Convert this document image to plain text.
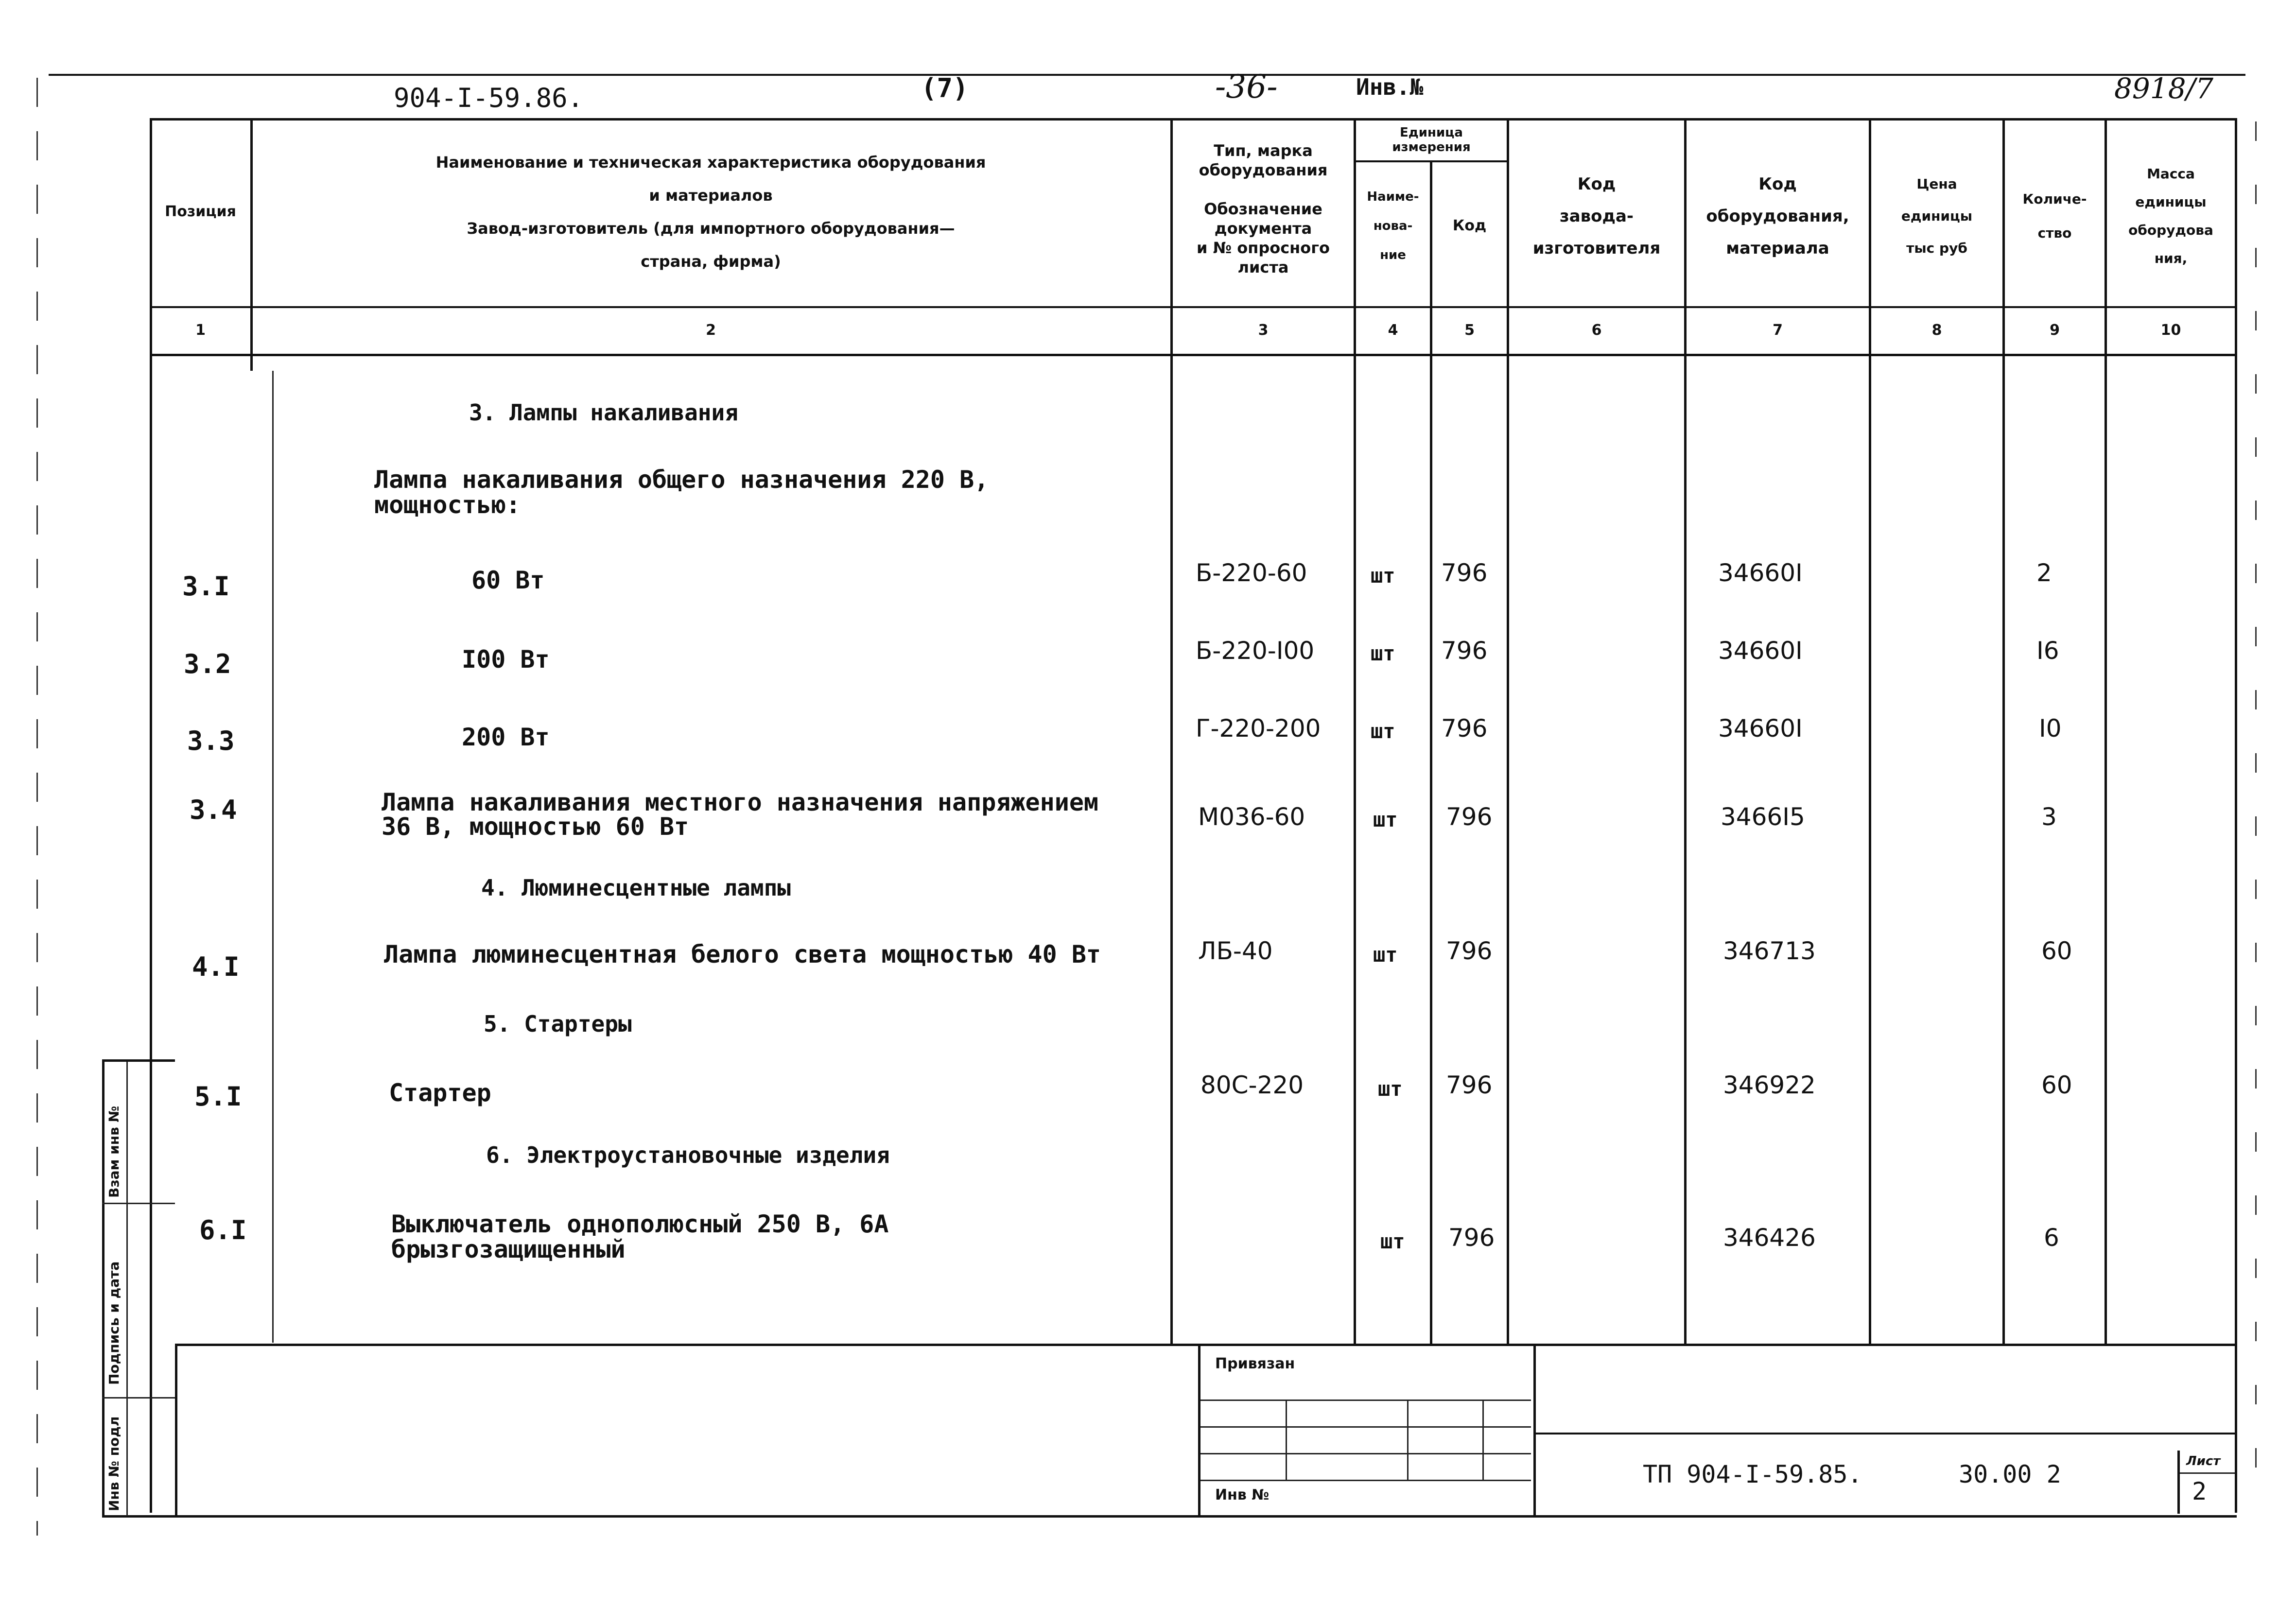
904-I-59.86.	(7)	-36-	Инв.№	8918/7
Позиция
Наименование и техническая характеристика оборудования
и материалов
Завод-изготовитель (для импортного оборудования—
страна, фирма)
Тип, марка
оборудования
Обозначение
документа
и № опросного
листа
Единица
измерения
Наиме-
нова-
ние
Код
Код
завода-
изготовителя
Код
оборудования,
материала
Цена
единицы
тыс руб
Количе-
ство
Масса
единицы
оборудова
ния,
1	2	3	4	5	6	7	8	9	10
3. Лампы накаливания
Лампа накаливания общего назначения 220 В,
мощностью:
4. Люминесцентные лампы
5. Стартеры
6. Электроустановочные изделия
3.I	60 Вт	Б-220-60	шт 796	34660I	2
3.2	I00 Вт	Б-220-I00	шт 796	34660I	I6
3.3	200 Вт	Г-220-200 шт 796	34660I	I0
3.4	Лампа накаливания местного назначения напряжением
36 В, мощностью 60 Вт	М036-60	шт 796	3466I5	3
4.I	Лампа люминесцентная белого света мощностью 40 Вт	ЛБ-40	шт 796	346713	60
5.I	Стартер	80С-220	шт 796	346922	60
6.I	Выключатель однополюсный 250 В, 6А
брызгозащищенный	шт 796	346426	6
Привязан
Инв №
ТП 904-I-59.85.	30.00 2	Лист
2
Взам инв №
Подпись и дата
Инв № подл
